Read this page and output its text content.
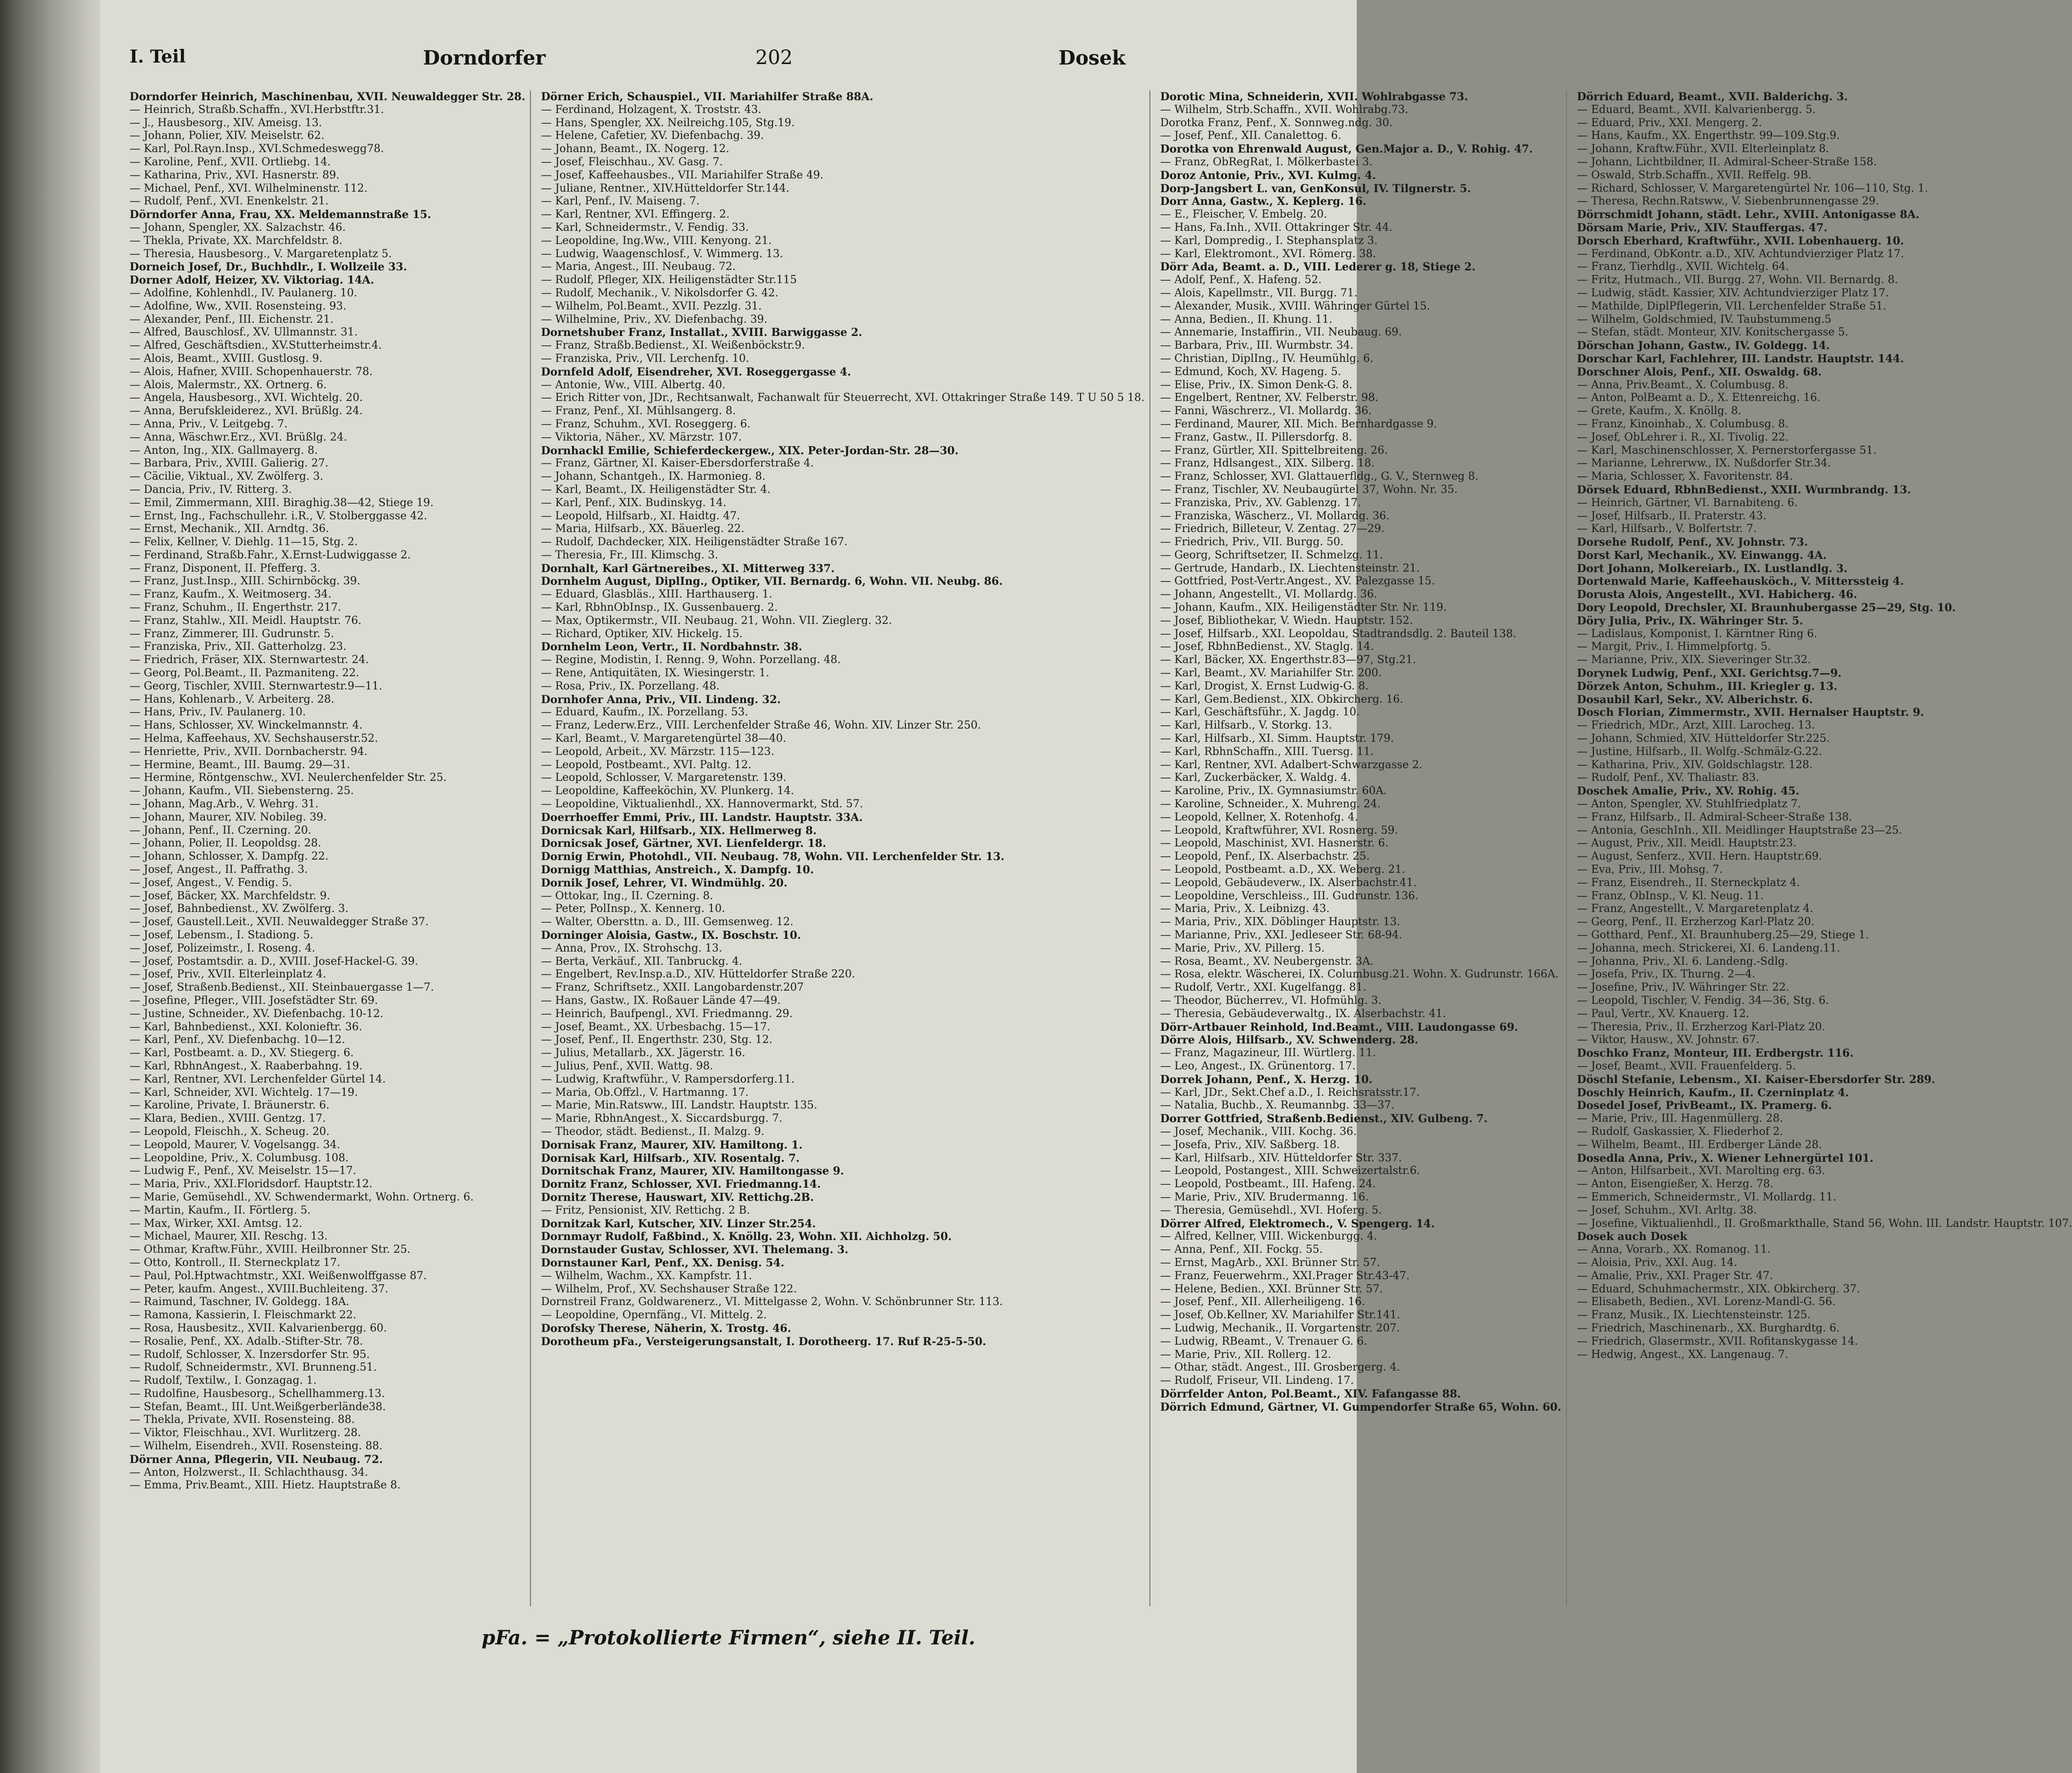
I. Teil	Dorndorfer	202	Dosek
Dorndorfer Heinrich, Maschinenbau, XVII. Neuwaldegger Str. 28.
— Heinrich, Straßb.Schaffn., XVI.Herbstftr.31.
— J., Hausbesorg., XIV. Ameisg. 13.
— Johann, Polier, XIV. Meiselstr. 62.
— Karl, Pol.Rayn.Insp., XVI.Schmedeswegg78.
— Karoline, Penf., XVII. Ortliebg. 14.
— Katharina, Priv., XVI. Hasnerstr. 89.
— Michael, Penf., XVI. Wilhelminenstr. 112.
— Rudolf, Penf., XVI. Enenkelstr. 21.
Dörndorfer Anna, Frau, XX. Meldemannstraße 15.
— Johann, Spengler, XX. Salzachstr. 46.
— Thekla, Private, XX. Marchfeldstr. 8.
— Theresia, Hausbesorg., V. Margaretenplatz 5.
Dorneich Josef, Dr., Buchhdlr., I. Wollzeile 33.
Dorner Adolf, Heizer, XV. Viktoriag. 14A.
— Adolfine, Kohlenhdl., IV. Paulanerg. 10.
— Adolfine, Ww., XVII. Rosensteing. 93.
— Alexander, Penf., III. Eichenstr. 21.
— Alfred, Bauschlosf., XV. Ullmannstr. 31.
— Alfred, Geschäftsdien., XV.Stutterheimstr.4.
— Alois, Beamt., XVIII. Gustlosg. 9.
— Alois, Hafner, XVIII. Schopenhauerstr. 78.
— Alois, Malermstr., XX. Ortnerg. 6.
— Angela, Hausbesorg., XVI. Wichtelg. 20.
— Anna, Berufskleiderez., XVI. Brüßlg. 24.
— Anna, Priv., V. Leitgebg. 7.
— Anna, Wäschwr.Erz., XVI. Brüßlg. 24.
— Anton, Ing., XIX. Gallmayerg. 8.
— Barbara, Priv., XVIII. Galierig. 27.
— Cäcilie, Viktual., XV. Zwölferg. 3.
— Dancia, Priv., IV. Ritterg. 3.
— Emil, Zimmermann, XIII. Biraghig.38—42, Stiege 19.
— Ernst, Ing., Fachschullehr. i.R., V. Stolberggasse 42.
— Ernst, Mechanik., XII. Arndtg. 36.
— Felix, Kellner, V. Diehlg. 11—15, Stg. 2.
— Ferdinand, Straßb.Fahr., X.Ernst-Ludwiggasse 2.
— Franz, Disponent, II. Pfefferg. 3.
— Franz, Just.Insp., XIII. Schirnböckg. 39.
— Franz, Kaufm., X. Weitmoserg. 34.
— Franz, Schuhm., II. Engerthstr. 217.
— Franz, Stahlw., XII. Meidl. Hauptstr. 76.
— Franz, Zimmerer, III. Gudrunstr. 5.
— Franziska, Priv., XII. Gatterholzg. 23.
— Friedrich, Fräser, XIX. Sternwartestr. 24.
— Georg, Pol.Beamt., II. Pazmaniteng. 22.
— Georg, Tischler, XVIII. Sternwartestr.9—11.
— Hans, Kohlenarb., V. Arbeiterg. 28.
— Hans, Priv., IV. Paulanerg. 10.
— Hans, Schlosser, XV. Winckelmannstr. 4.
— Helma, Kaffeehaus, XV. Sechshauserstr.52.
— Henriette, Priv., XVII. Dornbacherstr. 94.
— Hermine, Beamt., III. Baumg. 29—31.
— Hermine, Röntgenschw., XVI. Neulerchenfelder Str. 25.
— Johann, Kaufm., VII. Siebensterng. 25.
— Johann, Mag.Arb., V. Wehrg. 31.
— Johann, Maurer, XIV. Nobileg. 39.
— Johann, Penf., II. Czerning. 20.
— Johann, Polier, II. Leopoldsg. 28.
— Johann, Schlosser, X. Dampfg. 22.
— Josef, Angest., II. Paffrathg. 3.
— Josef, Angest., V. Fendig. 5.
— Josef, Bäcker, XX. Marchfeldstr. 9.
— Josef, Bahnbedienst., XV. Zwölferg. 3.
— Josef, Gaustell.Leit., XVII. Neuwaldegger Straße 37.
— Josef, Lebensm., I. Stadiong. 5.
— Josef, Polizeimstr., I. Roseng. 4.
— Josef, Postamtsdir. a. D., XVIII. Josef-Hackel-G. 39.
— Josef, Priv., XVII. Elterleinplatz 4.
— Josef, Straßenb.Bedienst., XII. Steinbauergasse 1—7.
— Josefine, Pfleger., VIII. Josefstädter Str. 69.
— Justine, Schneider., XV. Diefenbachg. 10-12.
— Karl, Bahnbedienst., XXI. Kolonieftr. 36.
— Karl, Penf., XV. Diefenbachg. 10—12.
— Karl, Postbeamt. a. D., XV. Stiegerg. 6.
— Karl, RbhnAngest., X. Raaberbahng. 19.
— Karl, Rentner, XVI. Lerchenfelder Gürtel 14.
— Karl, Schneider, XVI. Wichtelg. 17—19.
— Karoline, Private, I. Bräunerstr. 6.
— Klara, Bedien., XVIII. Gentzg. 17.
— Leopold, Fleischh., X. Scheug. 20.
— Leopold, Maurer, V. Vogelsangg. 34.
— Leopoldine, Priv., X. Columbusg. 108.
— Ludwig F., Penf., XV. Meiselstr. 15—17.
— Maria, Priv., XXI.Floridsdorf. Hauptstr.12.
— Marie, Gemüsehdl., XV. Schwendermarkt, Wohn. Ortnerg. 6.
— Martin, Kaufm., II. Förtlerg. 5.
— Max, Wirker, XXI. Amtsg. 12.
— Michael, Maurer, XII. Reschg. 13.
— Othmar, Kraftw.Führ., XVIII. Heilbronner Str. 25.
— Otto, Kontroll., II. Sterneckplatz 17.
— Paul, Pol.Hptwachtmstr., XXI. Weißenwolffgasse 87.
— Peter, kaufm. Angest., XVIII.Buchleiteng. 37.
— Raimund, Taschner, IV. Goldegg. 18A.
— Ramona, Kassierin, I. Fleischmarkt 22.
— Rosa, Hausbesitz., XVII. Kalvarienbergg. 60.
— Rosalie, Penf., XX. Adalb.-Stifter-Str. 78.
— Rudolf, Schlosser, X. Inzersdorfer Str. 95.
— Rudolf, Schneidermstr., XVI. Brunneng.51.
— Rudolf, Textilw., I. Gonzagag. 1.
— Rudolfine, Hausbesorg., Schellhammerg.13.
— Stefan, Beamt., III. Unt.Weißgerberlände38.
— Thekla, Private, XVII. Rosensteing. 88.
— Viktor, Fleischhau., XVI. Wurlitzerg. 28.
— Wilhelm, Eisendreh., XVII. Rosensteing. 88.
Dörner Anna, Pflegerin, VII. Neubaug. 72.
— Anton, Holzwerst., II. Schlachthausg. 34.
— Emma, Priv.Beamt., XIII. Hietz. Hauptstraße 8.
Dörner Erich, Schauspiel., VII. Mariahilfer Straße 88A.
— Ferdinand, Holzagent, X. Troststr. 43.
— Hans, Spengler, XX. Neilreichg.105, Stg.19.
— Helene, Cafetier, XV. Diefenbachg. 39.
— Johann, Beamt., IX. Nogerg. 12.
— Josef, Fleischhau., XV. Gasg. 7.
— Josef, Kaffeehausbes., VII. Mariahilfer Straße 49.
— Juliane, Rentner., XIV.Hütteldorfer Str.144.
— Karl, Penf., IV. Maiseng. 7.
— Karl, Rentner, XVI. Effingerg. 2.
— Karl, Schneidermstr., V. Fendig. 33.
— Leopoldine, Ing.Ww., VIII. Kenyong. 21.
— Ludwig, Waagenschlosf., V. Wimmerg. 13.
— Maria, Angest., III. Neubaug. 72.
— Rudolf, Pfleger, XIX. Heiligenstädter Str.115
— Rudolf, Mechanik., V. Nikolsdorfer G. 42.
— Wilhelm, Pol.Beamt., XVII. Pezzlg. 31.
— Wilhelmine, Priv., XV. Diefenbachg. 39.
Dornetshuber Franz, Installat., XVIII. Barwiggasse 2.
— Franz, Straßb.Bedienst., XI. Weißenböckstr.9.
— Franziska, Priv., VII. Lerchenfg. 10.
Dornfeld Adolf, Eisendreher, XVI. Roseggergasse 4.
— Antonie, Ww., VIII. Albertg. 40.
— Erich Ritter von, JDr., Rechtsanwalt, Fachanwalt für Steuerrecht, XVI. Ottakringer Straße 149. T U 50 5 18.
— Franz, Penf., XI. Mühlsangerg. 8.
— Franz, Schuhm., XVI. Roseggerg. 6.
— Viktoria, Näher., XV. Märzstr. 107.
Dornhackl Emilie, Schieferdeckergew., XIX. Peter-Jordan-Str. 28—30.
— Franz, Gärtner, XI. Kaiser-Ebersdorferstraße 4.
— Johann, Schantgeh., IX. Harmonieg. 8.
— Karl, Beamt., IX. Heiligenstädter Str. 4.
— Karl, Penf., XIX. Budinskyg. 14.
— Leopold, Hilfsarb., XI. Haidtg. 47.
— Maria, Hilfsarb., XX. Bäuerleg. 22.
— Rudolf, Dachdecker, XIX. Heiligenstädter Straße 167.
— Theresia, Fr., III. Klimschg. 3.
Dornhalt, Karl Gärtnereibes., XI. Mitterweg 337.
Dornhelm August, DiplIng., Optiker, VII. Bernardg. 6, Wohn. VII. Neubg. 86.
— Eduard, Glasbläs., XIII. Harthauserg. 1.
— Karl, RbhnObInsp., IX. Gussenbauerg. 2.
— Max, Optikermstr., VII. Neubaug. 21, Wohn. VII. Zieglerg. 32.
— Richard, Optiker, XIV. Hickelg. 15.
Dornhelm Leon, Vertr., II. Nordbahnstr. 38.
— Regine, Modistin, I. Renng. 9, Wohn. Porzellang. 48.
— Rene, Antiquitäten, IX. Wiesingerstr. 1.
— Rosa, Priv., IX. Porzellang. 48.
Dornhofer Anna, Priv., VII. Lindeng. 32.
— Eduard, Kaufm., IX. Porzellang. 53.
— Franz, Lederw.Erz., VIII. Lerchenfelder Straße 46, Wohn. XIV. Linzer Str. 250.
— Karl, Beamt., V. Margaretengürtel 38—40.
— Leopold, Arbeit., XV. Märzstr. 115—123.
— Leopold, Postbeamt., XVI. Paltg. 12.
— Leopold, Schlosser, V. Margaretenstr. 139.
— Leopoldine, Kaffeeköchin, XV. Plunkerg. 14.
— Leopoldine, Viktualienhdl., XX. Hannovermarkt, Std. 57.
Doerrhoeffer Emmi, Priv., III. Landstr. Hauptstr. 33A.
Dornicsak Karl, Hilfsarb., XIX. Hellmerweg 8.
Dornicsak Josef, Gärtner, XVI. Lienfeldergr. 18.
Dornig Erwin, Photohdl., VII. Neubaug. 78, Wohn. VII. Lerchenfelder Str. 13.
Dornigg Matthias, Anstreich., X. Dampfg. 10.
Dornik Josef, Lehrer, VI. Windmühlg. 20.
— Ottokar, Ing., II. Czerning. 8.
— Peter, PolInsp., X. Kennerg. 10.
— Walter, Obersttn. a. D., III. Gemsenweg. 12.
Dorninger Aloisia, Gastw., IX. Boschstr. 10.
— Anna, Prov., IX. Strohschg. 13.
— Berta, Verkäuf., XII. Tanbruckg. 4.
— Engelbert, Rev.Insp.a.D., XIV. Hütteldorfer Straße 220.
— Franz, Schriftsetz., XXII. Langobardenstr.207
— Hans, Gastw., IX. Roßauer Lände 47—49.
— Heinrich, Baufpengl., XVI. Friedmanng. 29.
— Josef, Beamt., XX. Urbesbachg. 15—17.
— Josef, Penf., II. Engerthstr. 230, Stg. 12.
— Julius, Metallarb., XX. Jägerstr. 16.
— Julius, Penf., XVII. Wattg. 98.
— Ludwig, Kraftwführ., V. Rampersdorferg.11.
— Maria, Ob.Offzl., V. Hartmanng. 17.
— Marie, Min.Ratsww., III. Landstr. Hauptstr. 135.
— Marie, RbhnAngest., X. Siccardsburgg. 7.
— Theodor, städt. Bedienst., II. Malzg. 9.
Dornisak Franz, Maurer, XIV. Hamiltong. 1.
Dornisak Karl, Hilfsarb., XIV. Rosentalg. 7.
Dornitschak Franz, Maurer, XIV. Hamiltongasse 9.
Dornitz Franz, Schlosser, XVI. Friedmanng.14.
Dornitz Therese, Hauswart, XIV. Rettichg.2B.
— Fritz, Pensionist, XIV. Rettichg. 2 B.
Dornitzak Karl, Kutscher, XIV. Linzer Str.254.
Dornmayr Rudolf, Faßbind., X. Knöllg. 23, Wohn. XII. Aichholzg. 50.
Dornstauder Gustav, Schlosser, XVI. Thelemang. 3.
Dornstauner Karl, Penf., XX. Denisg. 54.
— Wilhelm, Wachm., XX. Kampfstr. 11.
— Wilhelm, Prof., XV. Sechshauser Straße 122.
Dornstreil Franz, Goldwarenerz., VI. Mittelgasse 2, Wohn. V. Schönbrunner Str. 113.
— Leopoldine, Opernfäng., VI. Mittelg. 2.
Dorofsky Therese, Näherin, X. Trostg. 46.
Dorotheum pFa., Versteigerungsanstalt, I. Dorotheerg. 17. Ruf R-25-5-50.
Dorotic Mina, Schneiderin, XVII. Wohlrabgasse 73.
— Wilhelm, Strb.Schaffn., XVII. Wohlrabg.73.
Dorotka Franz, Penf., X. Sonnweg.ndg. 30.
— Josef, Penf., XII. Canalettog. 6.
Dorotka von Ehrenwald August, Gen.Major a. D., V. Rohig. 47.
— Franz, ObRegRat, I. Mölkerbastei 3.
Doroz Antonie, Priv., XVI. Kulmg. 4.
Dorp-Jangsbert L. van, GenKonsul, IV. Tilgnerstr. 5.
Dorr Anna, Gastw., X. Keplerg. 16.
— E., Fleischer, V. Embelg. 20.
— Hans, Fa.Inh., XVII. Ottakringer Str. 44.
— Karl, Dompredig., I. Stephansplatz 3.
— Karl, Elektromont., XVI. Römerg. 38.
Dörr Ada, Beamt. a. D., VIII. Lederer g. 18, Stiege 2.
— Adolf, Penf., X. Hafeng. 52.
— Alois, Kapellmstr., VII. Burgg. 71.
— Alexander, Musik., XVIII. Währinger Gürtel 15.
— Anna, Bedien., II. Khung. 11.
— Annemarie, Instaffirin., VII. Neubaug. 69.
— Barbara, Priv., III. Wurmbstr. 34.
— Christian, DiplIng., IV. Heumühlg. 6.
— Edmund, Koch, XV. Hageng. 5.
— Elise, Priv., IX. Simon Denk-G. 8.
— Engelbert, Rentner, XV. Felberstr. 98.
— Fanni, Wäschrerz., VI. Mollardg. 36.
— Ferdinand, Maurer, XII. Mich. Bernhardgasse 9.
— Franz, Gastw., II. Pillersdorfg. 8.
— Franz, Gürtler, XII. Spittelbreiteng. 26.
— Franz, Hdlsangest., XIX. Silberg. 18.
— Franz, Schlosser, XVI. Glattauerfldg., G. V., Sternweg 8.
— Franz, Tischler, XV. Neubaugürtel 37, Wohn. Nr. 35.
— Franziska, Priv., XV. Gablenzg. 17.
— Franziska, Wäscherz., VI. Mollardg. 36.
— Friedrich, Billeteur, V. Zentag. 27—29.
— Friedrich, Priv., VII. Burgg. 50.
— Georg, Schriftsetzer, II. Schmelzg. 11.
— Gertrude, Handarb., IX. Liechtensteinstr. 21.
— Gottfried, Post-Vertr.Angest., XV. Palezgasse 15.
— Johann, Angestellt., VI. Mollardg. 36.
— Johann, Kaufm., XIX. Heiligenstädter Str. Nr. 119.
— Josef, Bibliothekar, V. Wiedn. Hauptstr. 152.
— Josef, Hilfsarb., XXI. Leopoldau, Stadtrandsdlg. 2. Bauteil 138.
— Josef, RbhnBedienst., XV. Staglg. 14.
— Karl, Bäcker, XX. Engerthstr.83—97, Stg.21.
— Karl, Beamt., XV. Mariahilfer Str. 200.
— Karl, Drogist, X. Ernst Ludwig-G. 8.
— Karl, Gem.Bedienst., XIX. Obkircherg. 16.
— Karl, Geschäftsführ., X. Jagdg. 10.
— Karl, Hilfsarb., V. Storkg. 13.
— Karl, Hilfsarb., XI. Simm. Hauptstr. 179.
— Karl, RbhnSchaffn., XIII. Tuersg. 11.
— Karl, Rentner, XVI. Adalbert-Schwarzgasse 2.
— Karl, Zuckerbäcker, X. Waldg. 4.
— Karoline, Priv., IX. Gymnasiumstr. 60A.
— Karoline, Schneider., X. Muhreng. 24.
— Leopold, Kellner, X. Rotenhofg. 4.
— Leopold, Kraftwführer, XVI. Rosnerg. 59.
— Leopold, Maschinist, XVI. Hasnerstr. 6.
— Leopold, Penf., IX. Alserbachstr. 25.
— Leopold, Postbeamt. a.D., XX. Weberg. 21.
— Leopold, Gebäudeverw., IX. Alserbachstr.41.
— Leopoldine, Verschleiss., III. Gudrunstr. 136.
— Maria, Priv., X. Leibnizg. 43.
— Maria, Priv., XIX. Döblinger Hauptstr. 13.
— Marianne, Priv., XXI. Jedleseer Str. 68-94.
— Marie, Priv., XV. Pillerg. 15.
— Rosa, Beamt., XV. Neubergenstr. 3A.
— Rosa, elektr. Wäscherei, IX. Columbusg.21. Wohn. X. Gudrunstr. 166A.
— Rudolf, Vertr., XXI. Kugelfangg. 81.
— Theodor, Bücherrev., VI. Hofmühlg. 3.
— Theresia, Gebäudeverwaltg., IX. Alserbachstr. 41.
Dörr-Artbauer Reinhold, Ind.Beamt., VIII. Laudongasse 69.
Dörre Alois, Hilfsarb., XV. Schwenderg. 28.
— Franz, Magazineur, III. Würtlerg. 11.
— Leo, Angest., IX. Grünentorg. 17.
Dorrek Johann, Penf., X. Herzg. 10.
— Karl, JDr., Sekt.Chef a.D., I. Reichsratsstr.17.
— Natalia, Buchb., X. Reumannbg. 33—37.
Dorrer Gottfried, Straßenb.Bedienst., XIV. Gulbeng. 7.
— Josef, Mechanik., VIII. Kochg. 36.
— Josefa, Priv., XIV. Saßberg. 18.
— Karl, Hilfsarb., XIV. Hütteldorfer Str. 337.
— Leopold, Postangest., XIII. Schweizertalstr.6.
— Leopold, Postbeamt., III. Hafeng. 24.
— Marie, Priv., XIV. Brudermanng. 16.
— Theresia, Gemüsehdl., XVI. Hoferg. 5.
Dörrer Alfred, Elektromech., V. Spengerg. 14.
— Alfred, Kellner, VIII. Wickenburgg. 4.
— Anna, Penf., XII. Fockg. 55.
— Ernst, MagArb., XXI. Brünner Str. 57.
— Franz, Feuerwehrm., XXI.Prager Str.43-47.
— Helene, Bedien., XXI. Brünner Str. 57.
— Josef, Penf., XII. Allerheiligeng. 16.
— Josef, Ob.Kellner, XV. Mariahilfer Str.141.
— Ludwig, Mechanik., II. Vorgartenstr. 207.
— Ludwig, RBeamt., V. Trenauer G. 6.
— Marie, Priv., XII. Rollerg. 12.
— Othar, städt. Angest., III. Grosbergerg. 4.
— Rudolf, Friseur, VII. Lindeng. 17.
Dörrfelder Anton, Pol.Beamt., XIV. Fafangasse 88.
Dörrich Edmund, Gärtner, VI. Gumpendorfer Straße 65, Wohn. 60.
Dörrich Eduard, Beamt., XVII. Balderichg. 3.
— Eduard, Beamt., XVII. Kalvarienbergg. 5.
— Eduard, Priv., XXI. Mengerg. 2.
— Hans, Kaufm., XX. Engerthstr. 99—109.Stg.9.
— Johann, Kraftw.Führ., XVII. Elterleinplatz 8.
— Johann, Lichtbildner, II. Admiral-Scheer-Straße 158.
— Oswald, Strb.Schaffn., XVII. Reffelg. 9B.
— Richard, Schlosser, V. Margaretengürtel Nr. 106—110, Stg. 1.
— Theresa, Rechn.Ratsww., V. Siebenbrunnengasse 29.
Dörrschmidt Johann, städt. Lehr., XVIII. Antonigasse 8A.
Dörsam Marie, Priv., XIV. Stauffergas. 47.
Dorsch Eberhard, Kraftwführ., XVII. Lobenhauerg. 10.
— Ferdinand, ObKontr. a.D., XIV. Achtundvierziger Platz 17.
— Franz, Tierhdlg., XVII. Wichtelg. 64.
— Fritz, Hutmach., VII. Burgg. 27, Wohn. VII. Bernardg. 8.
— Ludwig, städt. Kassier, XIV. Achtundvierziger Platz 17.
— Mathilde, DiplPflegerin, VII. Lerchenfelder Straße 51.
— Wilhelm, Goldschmied, IV. Taubstummeng.5
— Stefan, städt. Monteur, XIV. Konitschergasse 5.
Dörschan Johann, Gastw., IV. Goldegg. 14.
Dorschar Karl, Fachlehrer, III. Landstr. Hauptstr. 144.
Dorschner Alois, Penf., XII. Oswaldg. 68.
— Anna, Priv.Beamt., X. Columbusg. 8.
— Anton, PolBeamt a. D., X. Ettenreichg. 16.
— Grete, Kaufm., X. Knöllg. 8.
— Franz, Kinoinhab., X. Columbusg. 8.
— Josef, ObLehrer i. R., XI. Tivolig. 22.
— Karl, Maschinenschlosser, X. Pernerstorfergasse 51.
— Marianne, Lehrerww., IX. Nußdorfer Str.34.
— Maria, Schlosser, X. Favoritenstr. 84.
Dörsek Eduard, RbhnBedienst., XXII. Wurmbrandg. 13.
— Heinrich, Gärtner, VI. Barnabiteng. 6.
— Josef, Hilfsarb., II. Praterstr. 43.
— Karl, Hilfsarb., V. Bolfertstr. 7.
Dorsehe Rudolf, Penf., XV. Johnstr. 73.
Dorst Karl, Mechanik., XV. Einwangg. 4A.
Dort Johann, Molkereiarb., IX. Lustlandlg. 3.
Dortenwald Marie, Kaffeehausköch., V. Mitterssteig 4.
Dorusta Alois, Angestellt., XVI. Habicherg. 46.
Dory Leopold, Drechsler, XI. Braunhubergasse 25—29, Stg. 10.
Döry Julia, Priv., IX. Währinger Str. 5.
— Ladislaus, Komponist, I. Kärntner Ring 6.
— Margit, Priv., I. Himmelpfortg. 5.
— Marianne, Priv., XIX. Sieveringer Str.32.
Dorynek Ludwig, Penf., XXI. Gerichtsg.7—9.
Dörzek Anton, Schuhm., III. Kriegler g. 13.
Dosaubil Karl, Sekr., XV. Alberichstr. 6.
Dosch Florian, Zimmermstr., XVII. Hernalser Hauptstr. 9.
— Friedrich, MDr., Arzt, XIII. Larocheg. 13.
— Johann, Schmied, XIV. Hütteldorfer Str.225.
— Justine, Hilfsarb., II. Wolfg.-Schmälz-G.22.
— Katharina, Priv., XIV. Goldschlagstr. 128.
— Rudolf, Penf., XV. Thaliastr. 83.
Doschek Amalie, Priv., XV. Rohig. 45.
— Anton, Spengler, XV. Stuhlfriedplatz 7.
— Franz, Hilfsarb., II. Admiral-Scheer-Straße 138.
— Antonia, GeschInh., XII. Meidlinger Hauptstraße 23—25.
— August, Priv., XII. Meidl. Hauptstr.23.
— August, Senferz., XVII. Hern. Hauptstr.69.
— Eva, Priv., III. Mohsg. 7.
— Franz, Eisendreh., II. Sterneckplatz 4.
— Franz, ObInsp., V. Kl. Neug. 11.
— Franz, Angestellt., V. Margaretenplatz 4.
— Georg, Penf., II. Erzherzog Karl-Platz 20.
— Gotthard, Penf., XI. Braunhuberg.25—29, Stiege 1.
— Johanna, mech. Strickerei, XI. 6. Landeng.11.
— Johanna, Priv., XI. 6. Landeng.-Sdlg.
— Josefa, Priv., IX. Thurng. 2—4.
— Josefine, Priv., IV. Währinger Str. 22.
— Leopold, Tischler, V. Fendig. 34—36, Stg. 6.
— Paul, Vertr., XV. Knauerg. 12.
— Theresia, Priv., II. Erzherzog Karl-Platz 20.
— Viktor, Hausw., XV. Johnstr. 67.
Doschko Franz, Monteur, III. Erdbergstr. 116.
— Josef, Beamt., XVII. Frauenfelderg. 5.
Döschl Stefanie, Lebensm., XI. Kaiser-Ebersdorfer Str. 289.
Doschly Heinrich, Kaufm., II. Czerninplatz 4.
Dosedel Josef, PrivBeamt., IX. Pramerg. 6.
— Marie, Priv., III. Hagenmüllerg. 28.
— Rudolf, Gaskassier, X. Fliederhof 2.
— Wilhelm, Beamt., III. Erdberger Lände 28.
Dosedla Anna, Priv., X. Wiener Lehnergürtel 101.
— Anton, Hilfsarbeit., XVI. Marolting erg. 63.
— Anton, Eisengießer, X. Herzg. 78.
— Emmerich, Schneidermstr., VI. Mollardg. 11.
— Josef, Schuhm., XVI. Arltg. 38.
— Josefine, Viktualienhdl., II. Großmarkthalle, Stand 56, Wohn. III. Landstr. Hauptstr. 107.
Dosek auch Dosek
— Anna, Vorarb., XX. Romanog. 11.
— Aloisia, Priv., XXI. Aug. 14.
— Amalie, Priv., XXI. Prager Str. 47.
— Eduard, Schuhmachermstr., XIX. Obkircherg. 37.
— Elisabeth, Bedien., XVI. Lorenz-Mandl-G. 56.
— Franz, Musik., IX. Liechtensteinstr. 125.
— Friedrich, Maschinenarb., XX. Burghardtg. 6.
— Friedrich, Glasermstr., XVII. Rofitanskygasse 14.
— Hedwig, Angest., XX. Langenaug. 7.
pFa. = „Protokollierte Firmen“, siehe II. Teil.
